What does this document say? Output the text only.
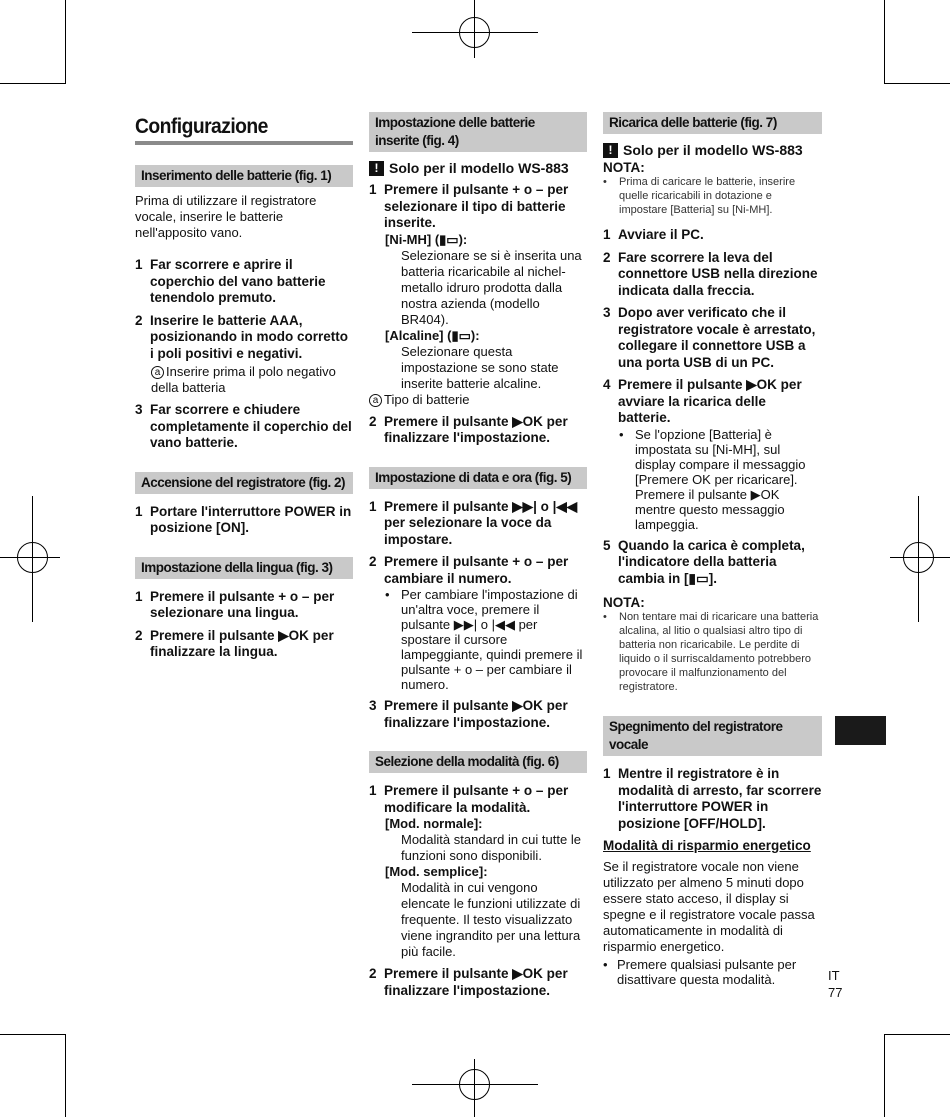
Configurazione
Inserimento delle batterie (fig. 1)
Prima di utilizzare il registratore vocale, inserire le batterie nell'apposito vano.
1 Far scorrere e aprire il coperchio del vano batterie tenendolo premuto.
2 Inserire le batterie AAA, posizionando in modo corretto i poli positivi e negativi.
a Inserire prima il polo negativo della batteria
3 Far scorrere e chiudere completamente il coperchio del vano batterie.
Accensione del registratore (fig. 2)
1 Portare l'interruttore POWER in posizione [ON].
Impostazione della lingua (fig. 3)
1 Premere il pulsante + o – per selezionare una lingua.
2 Premere il pulsante ▶OK per finalizzare la lingua.
Impostazione delle batterie inserite (fig. 4)
! Solo per il modello WS-883
1 Premere il pulsante + o – per selezionare il tipo di batterie inserite.
[Ni-MH] (▮▭):
Selezionare se si è inserita una batteria ricaricabile al nichel-metallo idruro prodotta dalla nostra azienda (modello BR404).
[Alcaline] (▮▭):
Selezionare questa impostazione se sono state inserite batterie alcaline.
a Tipo di batterie
2 Premere il pulsante ▶OK per finalizzare l'impostazione.
Impostazione di data e ora (fig. 5)
1 Premere il pulsante ▶▶| o |◀◀ per selezionare la voce da impostare.
2 Premere il pulsante + o – per cambiare il numero.
• Per cambiare l'impostazione di un'altra voce, premere il pulsante ▶▶| o |◀◀ per spostare il cursore lampeggiante, quindi premere il pulsante + o – per cambiare il numero.
3 Premere il pulsante ▶OK per finalizzare l'impostazione.
Selezione della modalità (fig. 6)
1 Premere il pulsante + o – per modificare la modalità.
[Mod. normale]:
Modalità standard in cui tutte le funzioni sono disponibili.
[Mod. semplice]:
Modalità in cui vengono elencate le funzioni utilizzate di frequente. Il testo visualizzato viene ingrandito per una lettura più facile.
2 Premere il pulsante ▶OK per finalizzare l'impostazione.
Ricarica delle batterie (fig. 7)
! Solo per il modello WS-883
NOTA:
•	Prima di caricare le batterie, inserire quelle ricaricabili in dotazione e impostare [Batteria] su [Ni-MH].
1 Avviare il PC.
2 Fare scorrere la leva del connettore USB nella direzione indicata dalla freccia.
3 Dopo aver verificato che il registratore vocale è arrestato, collegare il connettore USB a una porta USB di un PC.
4 Premere il pulsante ▶OK per avviare la ricarica delle batterie.
• Se l'opzione [Batteria] è impostata su [Ni-MH], sul display compare il messaggio [Premere OK per ricaricare]. Premere il pulsante ▶OK mentre questo messaggio lampeggia.
5 Quando la carica è completa, l'indicatore della batteria cambia in [▮▭].
NOTA:
•	Non tentare mai di ricaricare una batteria alcalina, al litio o qualsiasi altro tipo di batteria non ricaricabile. Le perdite di liquido o il surriscaldamento potrebbero provocare il malfunzionamento del registratore.
Spegnimento del registratore vocale
1 Mentre il registratore è in modalità di arresto, far scorrere l'interruttore POWER in posizione [OFF/HOLD].
Modalità di risparmio energetico
Se il registratore vocale non viene utilizzato per almeno 5 minuti dopo essere stato acceso, il display si spegne e il registratore vocale passa automaticamente in modalità di risparmio energetico.
• Premere qualsiasi pulsante per disattivare questa modalità.	IT
77
